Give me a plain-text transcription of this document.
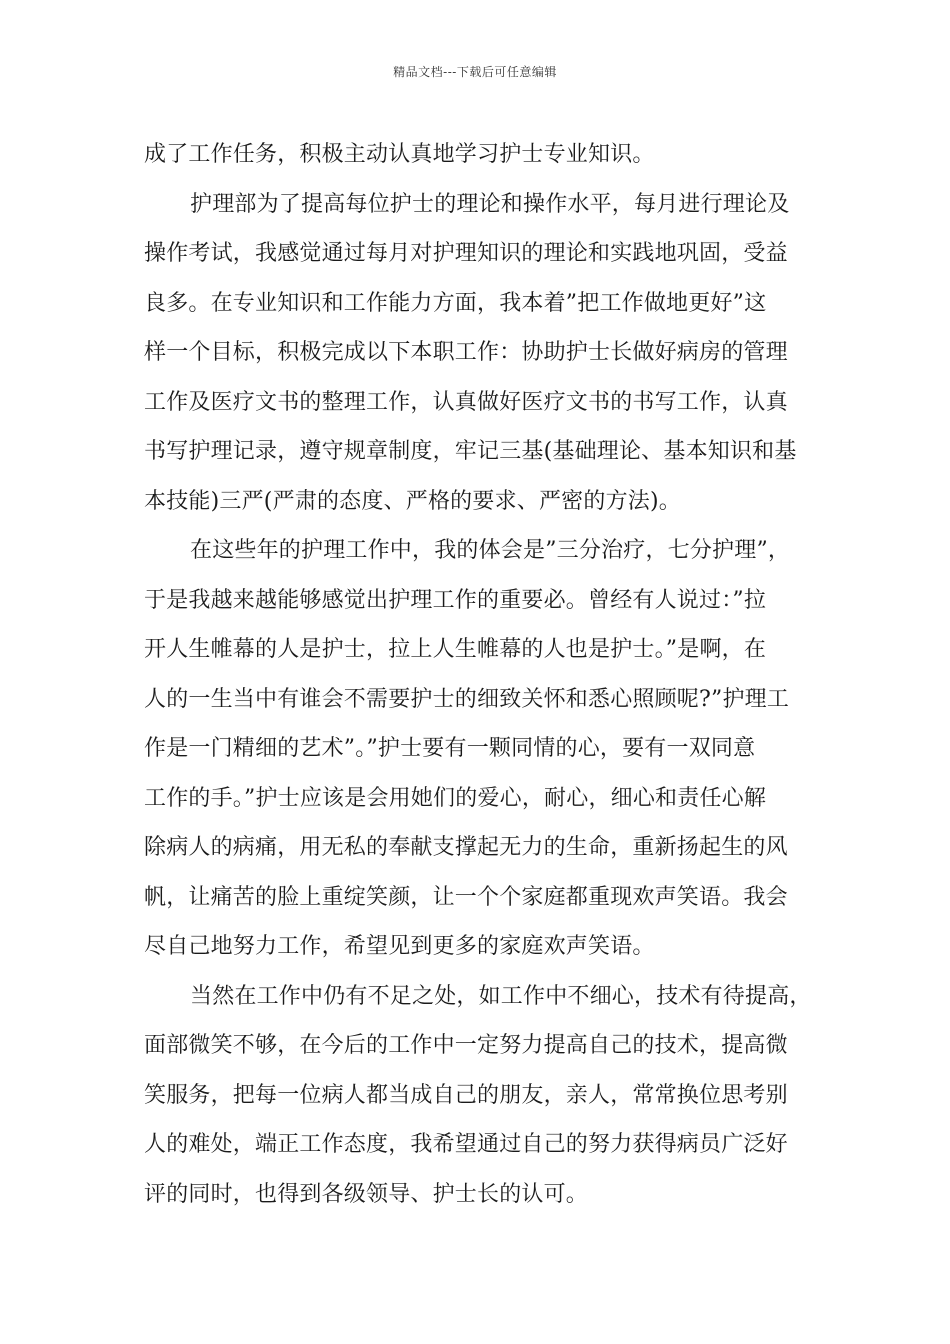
精品文档---下载后可任意编辑
成了工作任务，积极主动认真地学习护士专业知识。
护理部为了提高每位护士的理论和操作水平，每月进行理论及
操作考试，我感觉通过每月对护理知识的理论和实践地巩固，受益
良多。在专业知识和工作能力方面，我本着”把工作做地更好”这
样一个目标，积极完成以下本职工作：协助护士长做好病房的管理
工作及医疗文书的整理工作，认真做好医疗文书的书写工作，认真
书写护理记录，遵守规章制度，牢记三基(基础理论、基本知识和基
本技能)三严(严肃的态度、严格的要求、严密的方法)。
在这些年的护理工作中，我的体会是”三分治疗，七分护理”，
于是我越来越能够感觉出护理工作的重要必。曾经有人说过：”拉
开人生帷幕的人是护士，拉上人生帷幕的人也是护士。”是啊，在
人的一生当中有谁会不需要护士的细致关怀和悉心照顾呢?”护理工
作是一门精细的艺术”。”护士要有一颗同情的心，要有一双同意
工作的手。”护士应该是会用她们的爱心，耐心，细心和责任心解
除病人的病痛，用无私的奉献支撑起无力的生命，重新扬起生的风
帆，让痛苦的脸上重绽笑颜，让一个个家庭都重现欢声笑语。我会
尽自己地努力工作，希望见到更多的家庭欢声笑语。
当然在工作中仍有不足之处，如工作中不细心，技术有待提高，
面部微笑不够，在今后的工作中一定努力提高自己的技术，提高微
笑服务，把每一位病人都当成自己的朋友，亲人，常常换位思考别
人的难处，端正工作态度，我希望通过自己的努力获得病员广泛好
评的同时，也得到各级领导、护士长的认可。
